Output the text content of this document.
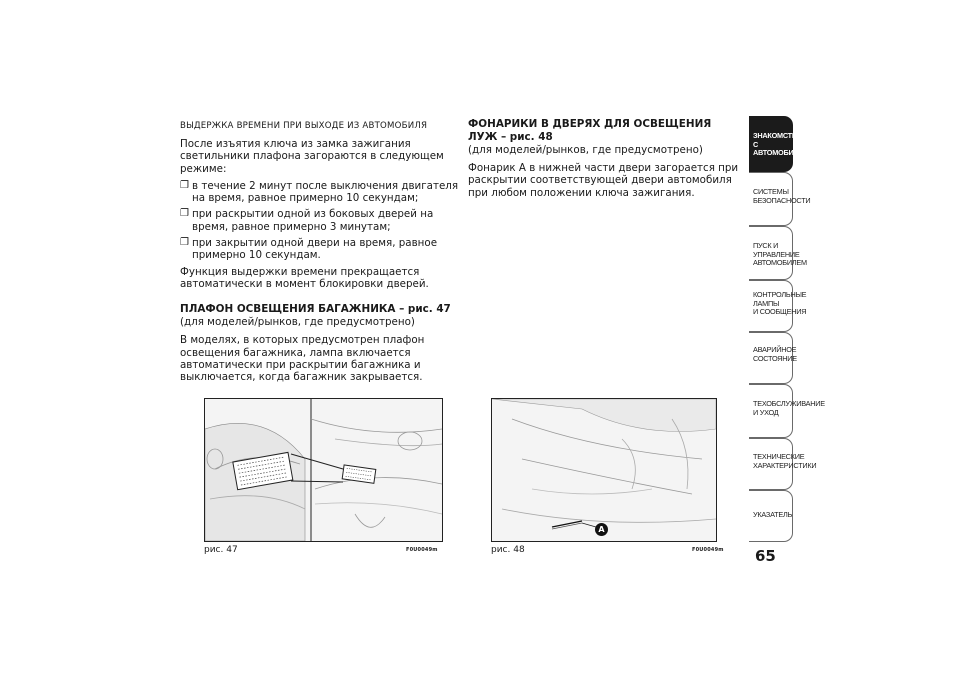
ВЫДЕРЖКА ВРЕМЕНИ ПРИ ВЫХОДЕ ИЗ АВТОМОБИЛЯ

После изъятия ключа из замка зажигания светильники плафона загораются в следующем режиме:

❐ в течение 2 минут после выключения двигателя на время, равное примерно 10 секундам;
❐ при раскрытии одной из боковых дверей на время, равное примерно 3 минутам;
❐ при закрытии одной двери на время, равное примерно 10 секундам.

Функция выдержки времени прекращается автоматически в момент блокировки дверей.

ПЛАФОН ОСВЕЩЕНИЯ БАГАЖНИКА – рис. 47
(для моделей/рынков, где предусмотрено)

В моделях, в которых предусмотрен плафон освещения багажника, лампа включается автоматически при раскрытии багажника и выключается, когда багажник закрывается.

ФОНАРИКИ В ДВЕРЯХ ДЛЯ ОСВЕЩЕНИЯ ЛУЖ – рис. 48
(для моделей/рынков, где предусмотрено)

Фонарик A в нижней части двери загорается при раскрытии соответствующей двери автомобиля при любом положении ключа зажигания.

рис. 47	F0U0049m
A
рис. 48	F0U0049m
ЗНАКОМСТВО С
АВТОМОБИЛЕМ
СИСТЕМЫ
БЕЗОПАСНОСТИ
ПУСК И УПРАВЛЕНИЕ
АВТОМОБИЛЕМ
КОНТРОЛЬНЫЕ
ЛАМПЫ
И СООБЩЕНИЯ
АВАРИЙНОЕ
СОСТОЯНИЕ
ТЕХОБСЛУЖИВАНИЕ
И УХОД
ТЕХНИЧЕСКИЕ
ХАРАКТЕРИСТИКИ
УКАЗАТЕЛЬ
65
